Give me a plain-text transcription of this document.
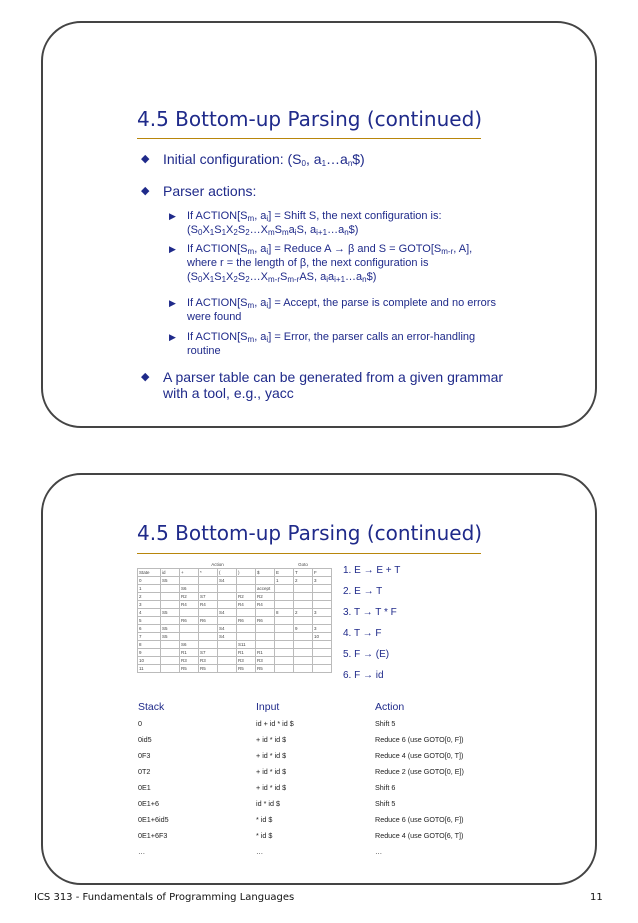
4.5 Bottom-up Parsing (continued)
◆ Initial configuration: ($S_0$, $a_1\dots a_n\$$)
◆ Parser actions:
▶ If $ACTION[S_m$, $a_i$] = Shift S, the next configuration is:
($S_0X_1S_1X_2S_2\dots X_mS_ma_iS$, $a_{i+1}\dots a_n\$$)
▶ If $ACTION[S_m$, $a_i$] = Reduce A → β and $S = GOTO[S_{m-r}$, A],
where r = the length of β, the next configuration is
($S_0X_1S_1X_2S_2\dots X_{m-r}S_{m-r}AS$, $a_ia_{i+1}\dots a_n\$$)
▶ If $ACTION[S_m$, $a_i$] = Accept, the parse is complete and no errors
were found
▶ If $ACTION[S_m$, $a_i$] = Error, the parser calls an error-handling
routine
◆ A parser table can be generated from a given grammar
with a tool, e.g., yacc
4.5 Bottom-up Parsing (continued)
	Action						Goto		
State	id	+	*	(	)	$	E	T	F
0	S5			S4			1	2	3
1		S6				accept			
2		R2	S7		R2	R2			
3		R4	R4		R4	R4			
4	S5			S4			8	2	3
5		R6	R6		R6	R6			
6	S5			S4				9	3
7	S5			S4					10
8		S6			S11				
9		R1	S7		R1	R1			
10		R3	R3		R3	R3			
11		R5	R5		R5	R5			
1. E → E + T
2. E → T
3. T → T * F
4. T → F
5. F → (E)
6. F → id
Stack	Input	Action
0	id + id * id $	Shift 5
0id5	+ id * id $	Reduce 6 (use GOTO[0, F])
0F3	+ id * id $	Reduce 4 (use GOTO[0, T])
0T2	+ id * id $	Reduce 2 (use GOTO[0, E])
0E1	+ id * id $	Shift 6
0E1+6	id * id $	Shift 5
0E1+6id5	* id $	Reduce 6 (use GOTO[6, F])
0E1+6F3	* id $	Reduce 4 (use GOTO[6, T])
…	…	…
ICS 313 - Fundamentals of Programming Languages	11
